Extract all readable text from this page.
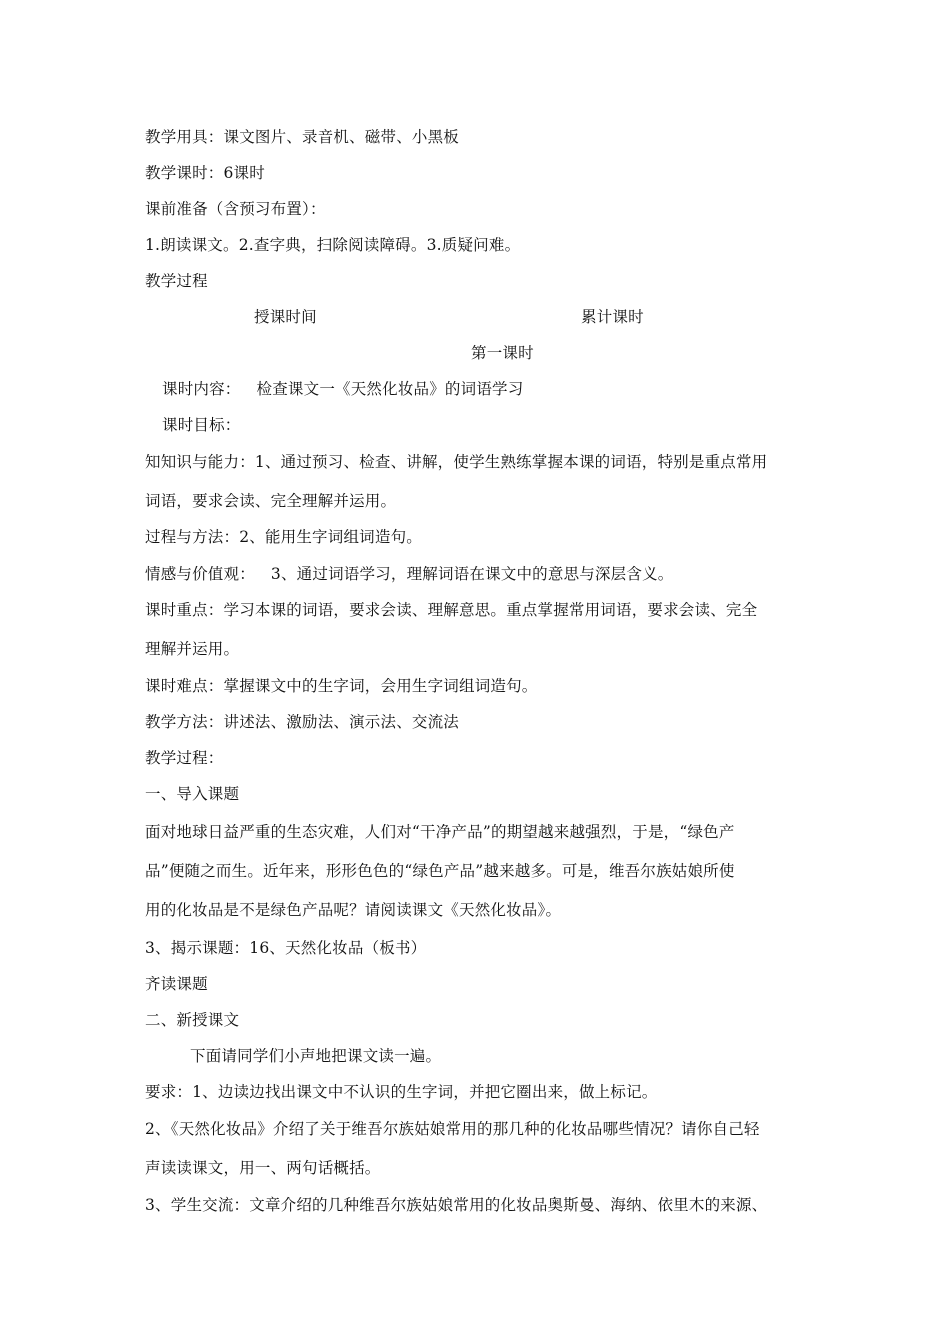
教学用具：课文图片、录音机、磁带、小黑板
教学课时：6课时
课前准备（含预习布置）：
1.朗读课文。2.查字典，扫除阅读障碍。3.质疑问难。
教学过程
授课时间	累计课时
第一课时
课时内容： 检查课文一《天然化妆品》的词语学习
课时目标：
知知识与能力：1、通过预习、检查、讲解，使学生熟练掌握本课的词语，特别是重点常用
词语，要求会读、完全理解并运用。
过程与方法：2、能用生字词组词造句。
情感与价值观： 3、通过词语学习，理解词语在课文中的意思与深层含义。
课时重点：学习本课的词语，要求会读、理解意思。重点掌握常用词语，要求会读、完全
理解并运用。
课时难点：掌握课文中的生字词，会用生字词组词造句。
教学方法：讲述法、激励法、演示法、交流法
教学过程：
一、导入课题
面对地球日益严重的生态灾难，人们对“干净产品”的期望越来越强烈，于是，“绿色产
品”便随之而生。近年来，形形色色的“绿色产品”越来越多。可是，维吾尔族姑娘所使
用的化妆品是不是绿色产品呢？请阅读课文《天然化妆品》。
3、揭示课题：16、天然化妆品（板书）
齐读课题
二、新授课文
下面请同学们小声地把课文读一遍。
要求：1、边读边找出课文中不认识的生字词，并把它圈出来，做上标记。
2、《天然化妆品》介绍了关于维吾尔族姑娘常用的那几种的化妆品哪些情况？请你自己轻
声读读课文，用一、两句话概括。
3、学生交流：文章介绍的几种维吾尔族姑娘常用的化妆品奥斯曼、海纳、依里木的来源、
